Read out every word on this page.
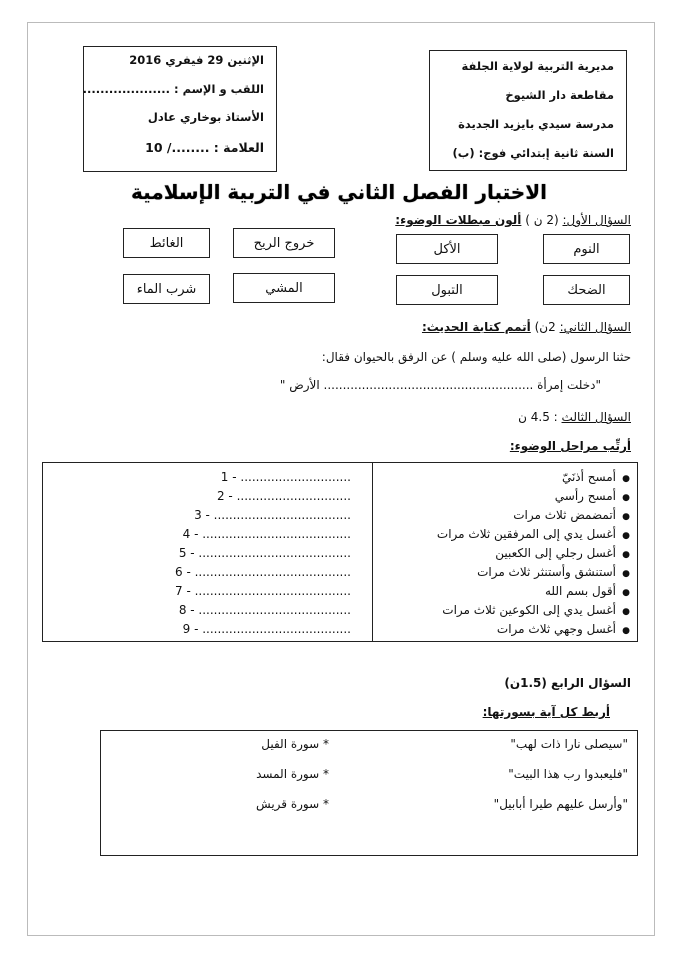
مديرية التربية لولاية الجلفة
مقاطعة دار الشيوخ
مدرسة سيدي بايزيد الجديدة
السنة ثانية إبتدائي فوج: (ب)
الإثنين 29 فيفري 2016
اللقب و الإسم : ....................
الأستاذ بوخاري عادل
العلامة : ......../ 10
الاختبار الفصل الثاني في التربية الإسلامية
السؤال الأول: (2 ن ) ألون مبطلات الوضوء:
النوم
الأكل
خروج الريح
الغائط
الضحك
التبول
المشي
شرب الماء
السؤال الثاني: 2ن) أتمم كتابة الحديث:
حثنا الرسول (صلى الله عليه وسلم ) عن الرفق بالحيوان فقال:
"دخلت إمرأة ....................................................... الأرض "
السؤال الثالث : 4.5 ن
أرتِّب مراحل الوضوء:
●
أمسح أذنَيّ
●
أمسح رأسي
●
أتمضمض ثلاث مرات
●
أغسل يدي إلى المرفقين ثلاث مرات
●
أغسل رجلي إلى الكعبين
●
أستنشق وأستنثر ثلاث مرات
●
أقول بسم الله
●
أغسل يدي إلى الكوعين ثلاث مرات
●
أغسل وجهي ثلاث مرات
1 - .............................
2 - ..............................
3 - ....................................
4 - .......................................
5 - ........................................
6 - .........................................
7 - .........................................
8 - ........................................
9 - .......................................
السؤال الرابع (1.5ن)
أربط كل آية بسورتها:
"سيصلى نارا ذات لهب"
"فليعبدوا رب هذا البيت"
"وأرسل عليهم طيرا أبابيل"
* سورة الفيل
* سورة المسد
* سورة قريش
